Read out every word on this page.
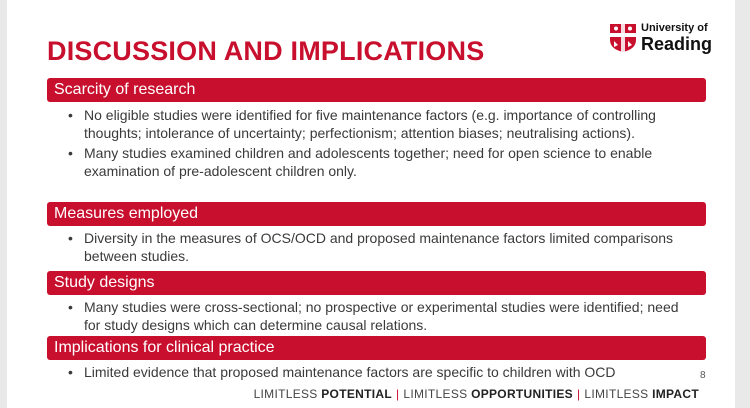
DISCUSSION AND IMPLICATIONS
University of
Reading
Scarcity of research
• No eligible studies were identified for five maintenance factors (e.g. importance of controlling thoughts; intolerance of uncertainty; perfectionism; attention biases; neutralising actions).
• Many studies examined children and adolescents together; need for open science to enable examination of pre-adolescent children only.
Measures employed
• Diversity in the measures of OCS/OCD and proposed maintenance factors limited comparisons between studies.
Study designs
• Many studies were cross-sectional; no prospective or experimental studies were identified; need for study designs which can determine causal relations.
Implications for clinical practice
• Limited evidence that proposed maintenance factors are specific to children with OCD	8
LIMITLESS POTENTIAL | LIMITLESS OPPORTUNITIES | LIMITLESS IMPACT
